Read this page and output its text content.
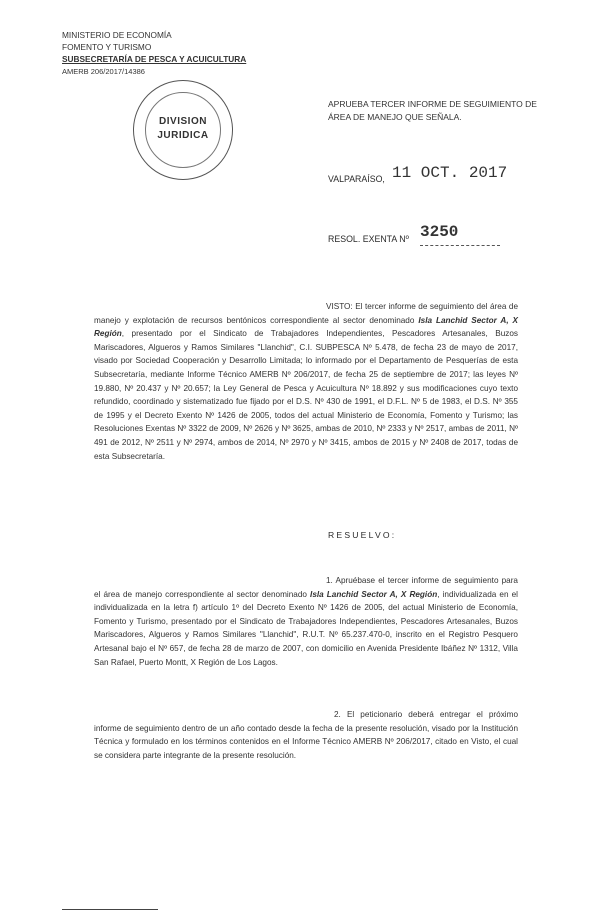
MINISTERIO DE ECONOMÍA
FOMENTO Y TURISMO
SUBSECRETARÍA DE PESCA Y ACUICULTURA
AMERB 206/2017/14386
DIVISION
JURIDICA
APRUEBA TERCER INFORME DE SEGUIMIENTO DE ÁREA DE MANEJO QUE SEÑALA.
VALPARAÍSO, 11 OCT. 2017
RESOL. EXENTA Nº 3250
VISTO: El tercer informe de seguimiento del área de manejo y explotación de recursos bentónicos correspondiente al sector denominado Isla Lanchid Sector A, X Región, presentado por el Sindicato de Trabajadores Independientes, Pescadores Artesanales, Buzos Mariscadores, Algueros y Ramos Similares "Llanchid", C.I. SUBPESCA Nº 5.478, de fecha 23 de mayo de 2017, visado por Sociedad Cooperación y Desarrollo Limitada; lo informado por el Departamento de Pesquerías de esta Subsecretaría, mediante Informe Técnico AMERB Nº 206/2017, de fecha 25 de septiembre de 2017; las leyes Nº 19.880, Nº 20.437 y Nº 20.657; la Ley General de Pesca y Acuicultura Nº 18.892 y sus modificaciones cuyo texto refundido, coordinado y sistematizado fue fijado por el D.S. Nº 430 de 1991, el D.F.L. Nº 5 de 1983, el D.S. Nº 355 de 1995 y el Decreto Exento Nº 1426 de 2005, todos del actual Ministerio de Economía, Fomento y Turismo; las Resoluciones Exentas Nº 3322 de 2009, Nº 2626 y Nº 3625, ambas de 2010, Nº 2333 y Nº 2517, ambas de 2011, Nº 491 de 2012, Nº 2511 y Nº 2974, ambos de 2014, Nº 2970 y Nº 3415, ambos de 2015 y Nº 2408 de 2017, todas de esta Subsecretaría.
RESUELVO:
1. Apruébase el tercer informe de seguimiento para el área de manejo correspondiente al sector denominado Isla Lanchid Sector A, X Región, individualizada en el individualizada en la letra f) artículo 1º del Decreto Exento Nº 1426 de 2005, del actual Ministerio de Economía, Fomento y Turismo, presentado por el Sindicato de Trabajadores Independientes, Pescadores Artesanales, Buzos Mariscadores, Algueros y Ramos Similares "Llanchid", R.U.T. Nº 65.237.470-0, inscrito en el Registro Pesquero Artesanal bajo el Nº 657, de fecha 28 de marzo de 2007, con domicilio en Avenida Presidente Ibáñez Nº 1312, Villa San Rafael, Puerto Montt, X Región de Los Lagos.
2. El peticionario deberá entregar el próximo informe de seguimiento dentro de un año contado desde la fecha de la presente resolución, visado por la Institución Técnica y formulado en los términos contenidos en el Informe Técnico AMERB Nº 206/2017, citado en Visto, el cual se considera parte integrante de la presente resolución.
